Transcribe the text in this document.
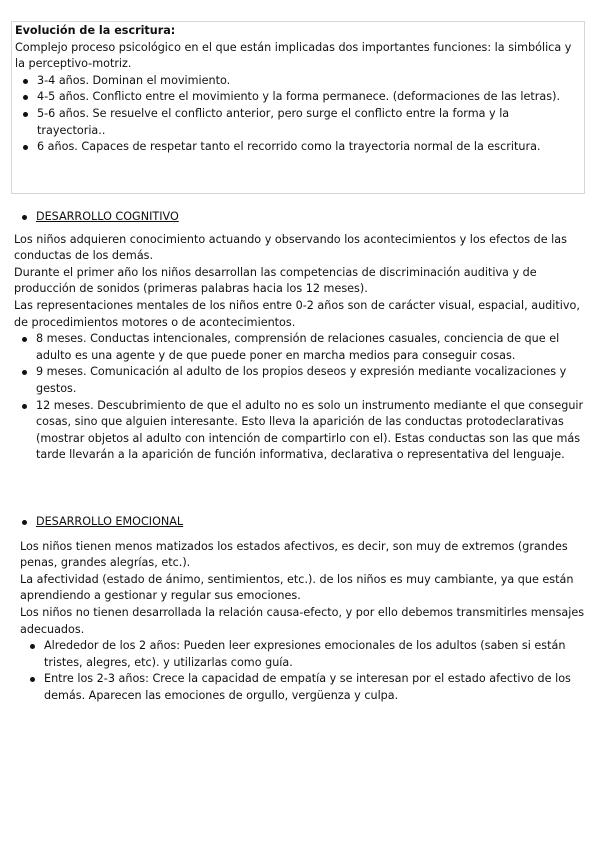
Evolución de la escritura:

Complejo proceso psicológico en el que están implicadas dos importantes funciones: la simbólica y la perceptivo-motriz.

3-4 años. Dominan el movimiento.
4-5 años. Conflicto entre el movimiento y la forma permanece. (deformaciones de las letras).
5-6 años. Se resuelve el conflicto anterior, pero surge el conflicto entre la forma y la trayectoria..
6 años. Capaces de respetar tanto el recorrido como la trayectoria normal de la escritura.
DESARROLLO COGNITIVO

Los niños adquieren conocimiento actuando y observando los acontecimientos y los efectos de las conductas de los demás.

Durante el primer año los niños desarrollan las competencias de discriminación auditiva y de producción de sonidos (primeras palabras hacia los 12 meses).

Las representaciones mentales de los niños entre 0-2 años son de carácter visual, espacial, auditivo, de procedimientos motores o de acontecimientos.

8 meses. Conductas intencionales, comprensión de relaciones casuales, conciencia de que el adulto es una agente y de que puede poner en marcha medios para conseguir cosas.
9 meses. Comunicación al adulto de los propios deseos y expresión mediante vocalizaciones y gestos.
12 meses. Descubrimiento de que el adulto no es solo un instrumento mediante el que conseguir cosas, sino que alguien interesante. Esto lleva la aparición de las conductas protodeclarativas (mostrar objetos al adulto con intención de compartirlo con el). Estas conductas son las que más tarde llevarán a la aparición de función informativa, declarativa o representativa del lenguaje.
DESARROLLO EMOCIONAL

Los niños tienen menos matizados los estados afectivos, es decir, son muy de extremos (grandes penas, grandes alegrías, etc.).

La afectividad (estado de ánimo, sentimientos, etc.). de los niños es muy cambiante, ya que están aprendiendo a gestionar y regular sus emociones.

Los niños no tienen desarrollada la relación causa-efecto, y por ello debemos transmitirles mensajes adecuados.

Alrededor de los 2 años: Pueden leer expresiones emocionales de los adultos (saben si están tristes, alegres, etc). y utilizarlas como guía.
Entre los 2-3 años: Crece la capacidad de empatía y se interesan por el estado afectivo de los demás. Aparecen las emociones de orgullo, vergüenza y culpa.
